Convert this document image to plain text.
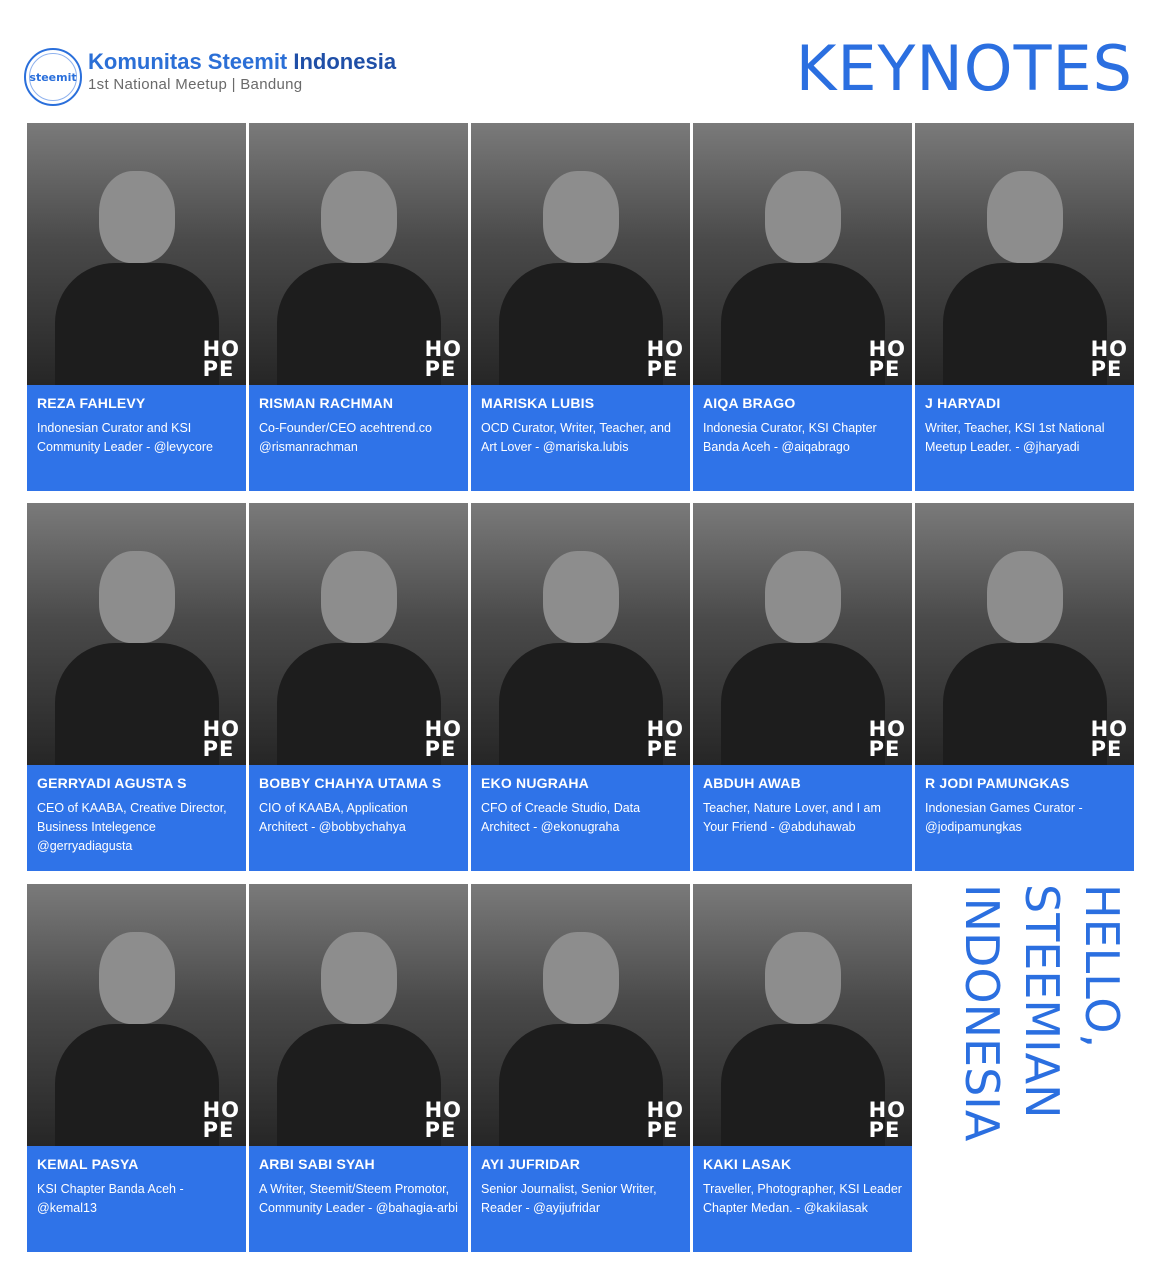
steemit
Komunitas Steemit Indonesia
1st National Meetup | Bandung	KEYNOTES
HO
PE
REZA FAHLEVY
Indonesian Curator and KSI Community Leader - @levycore
HO
PE
RISMAN RACHMAN
Co-Founder/CEO acehtrend.co @rismanrachman
HO
PE
MARISKA LUBIS
OCD Curator, Writer, Teacher, and Art Lover - @mariska.lubis
HO
PE
AIQA BRAGO
Indonesia Curator, KSI Chapter Banda Aceh - @aiqabrago
HO
PE
J HARYADI
Writer, Teacher, KSI 1st National Meetup Leader. - @jharyadi
HO
PE
GERRYADI AGUSTA S
CEO of KAABA, Creative Director, Business Intelegence @gerryadiagusta
HO
PE
BOBBY CHAHYA UTAMA S
CIO of KAABA, Application Architect - @bobbychahya
HO
PE
EKO NUGRAHA
CFO of Creacle Studio, Data Architect - @ekonugraha
HO
PE
ABDUH AWAB
Teacher, Nature Lover, and I am Your Friend - @abduhawab
HO
PE
R JODI PAMUNGKAS
Indonesian Games Curator - @jodipamungkas
HO
PE
KEMAL PASYA
KSI Chapter Banda Aceh - @kemal13
HO
PE
ARBI SABI SYAH
A Writer, Steemit/Steem Promotor, Community Leader - @bahagia-arbi
HO
PE
AYI JUFRIDAR
Senior Journalist, Senior Writer, Reader - @ayijufridar
HO
PE
KAKI LASAK
Traveller, Photographer, KSI Leader Chapter Medan. - @kakilasak
HELLO,
STEEMIAN
INDONESIA
